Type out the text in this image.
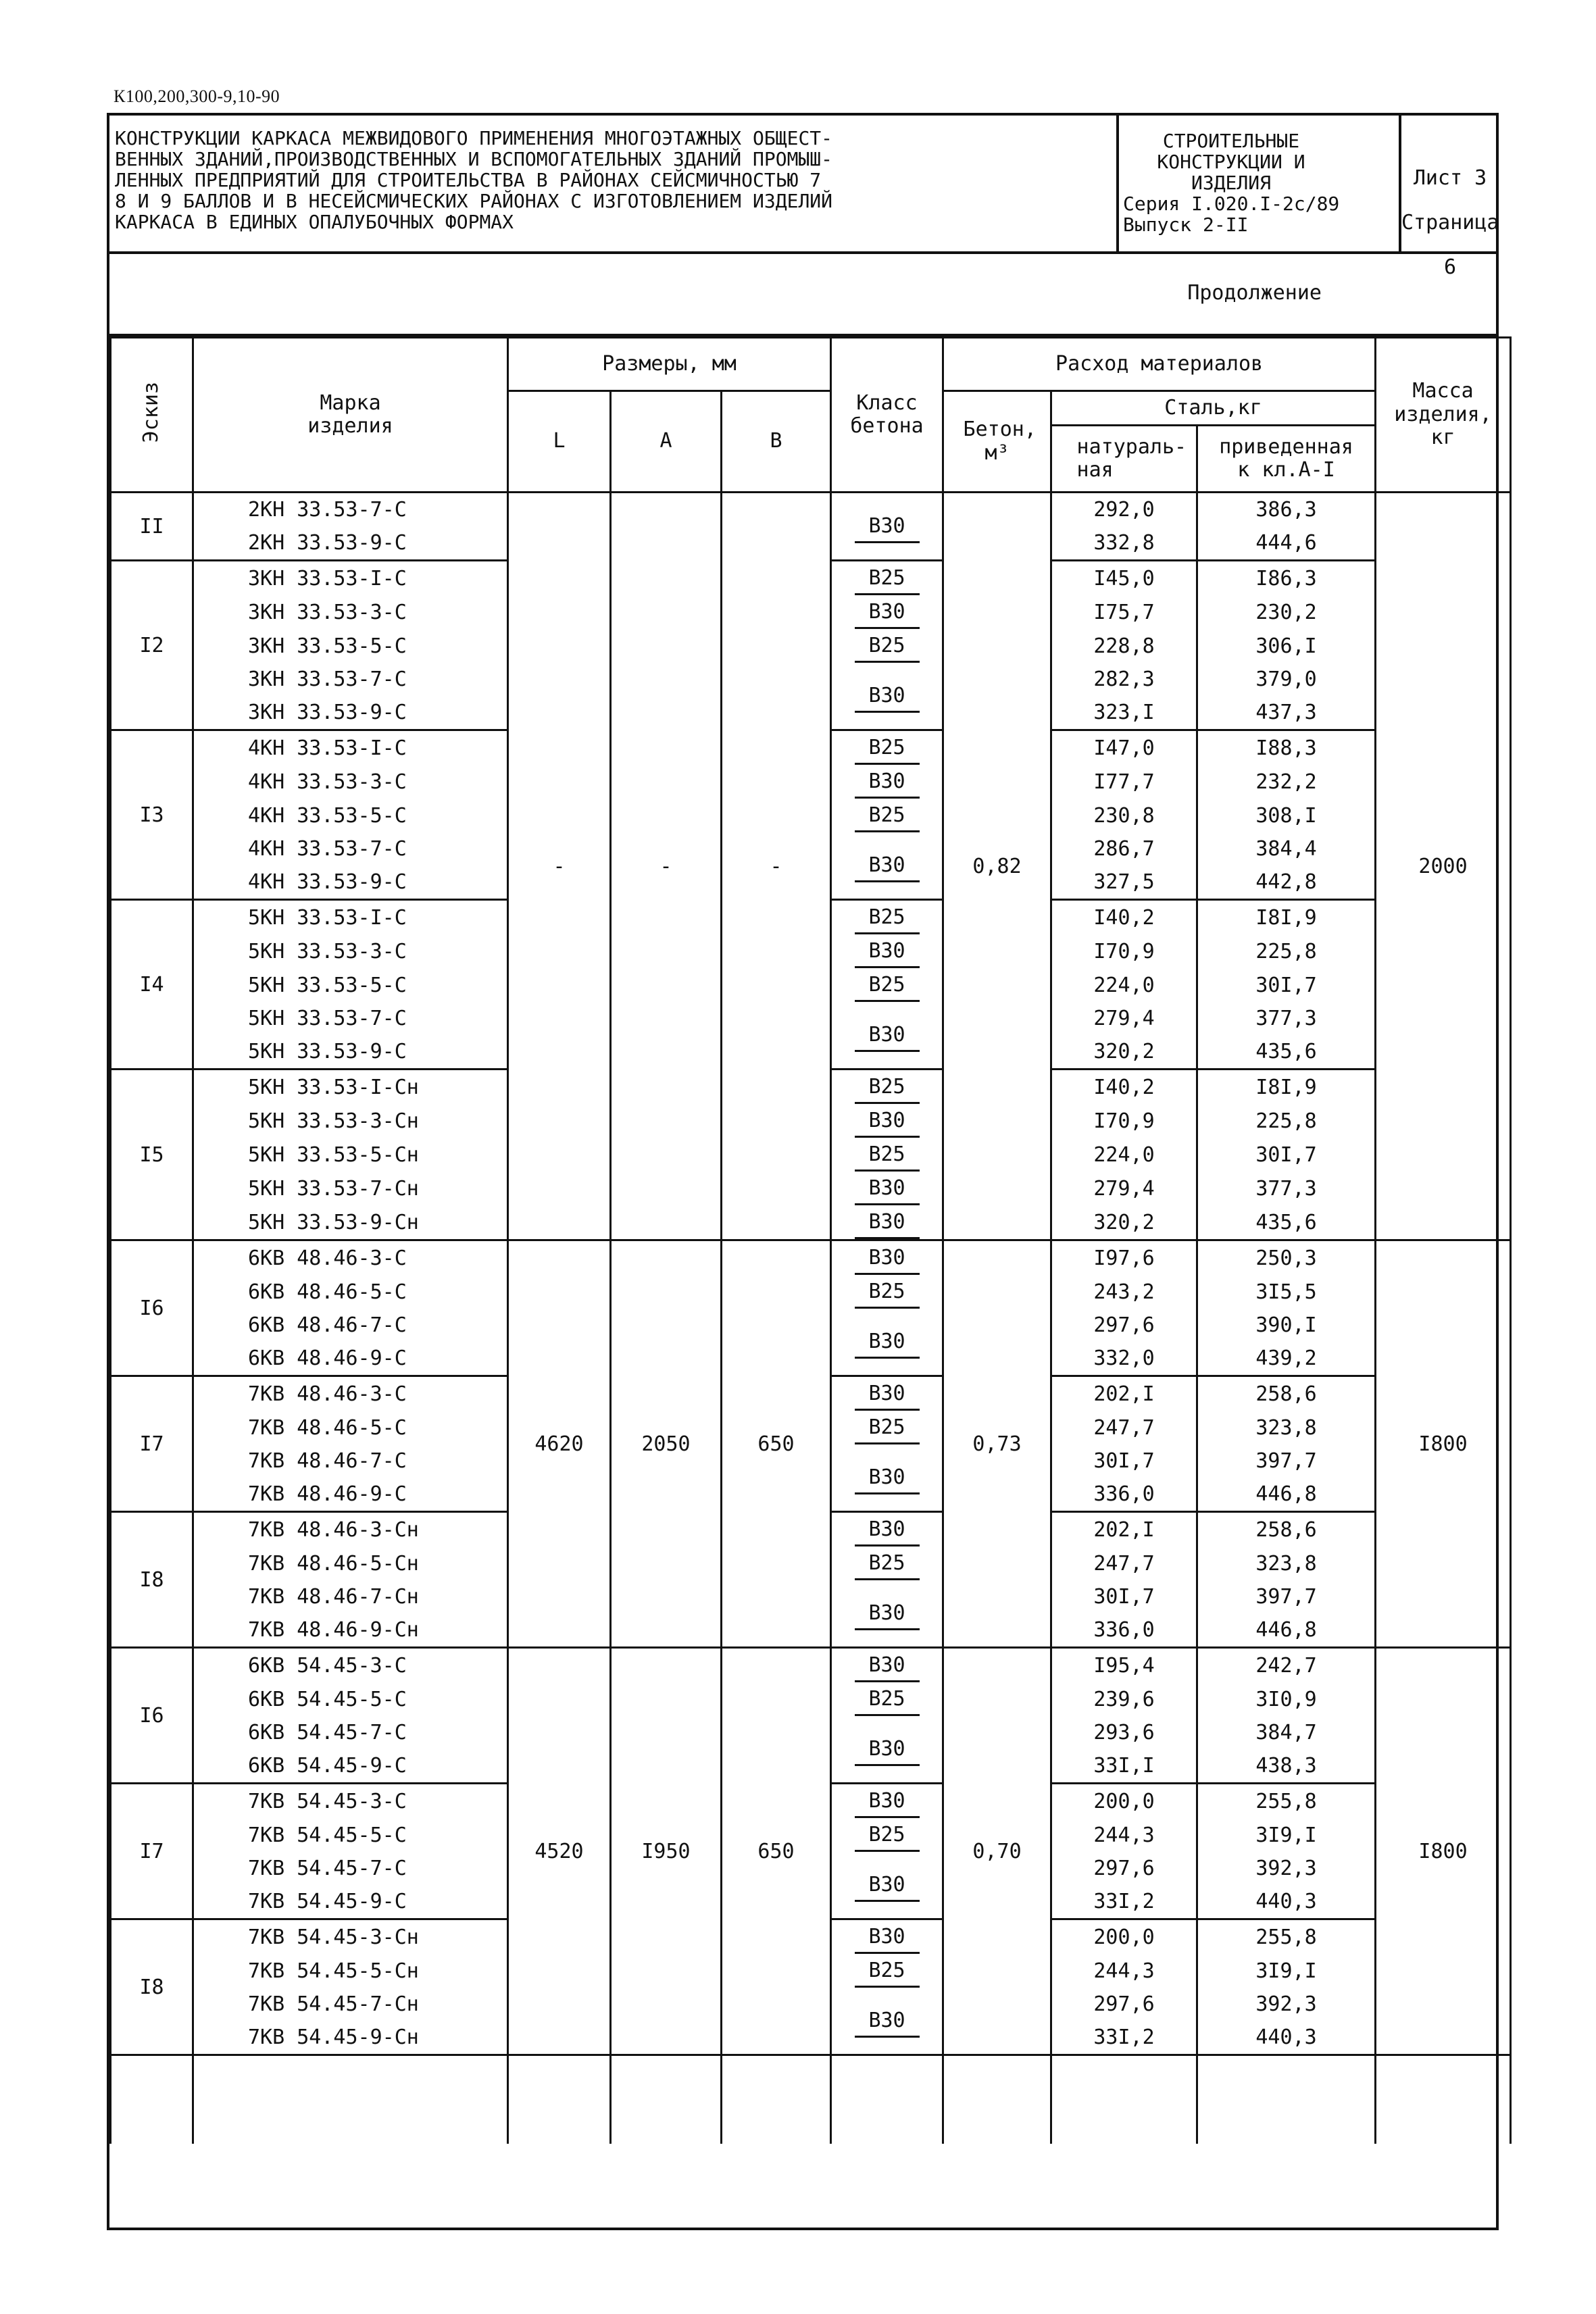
К100,200,300-9,10-90
КОНСТРУКЦИИ КАРКАСА МЕЖВИДОВОГО ПРИМЕНЕНИЯ МНОГОЭТАЖНЫХ ОБЩЕСТ-
ВЕННЫХ ЗДАНИЙ,ПРОИЗВОДСТВЕННЫХ И ВСПОМОГАТЕЛЬНЫХ ЗДАНИЙ ПРОМЫШ-
ЛЕННЫХ ПРЕДПРИЯТИЙ ДЛЯ СТРОИТЕЛЬСТВА В РАЙОНАХ СЕЙСМИЧНОСТЬЮ 7
8 И 9 БАЛЛОВ И В НЕСЕЙСМИЧЕСКИХ РАЙОНАХ С ИЗГОТОВЛЕНИЕМ ИЗДЕЛИЙ
КАРКАСА В ЕДИНЫХ ОПАЛУБОЧНЫХ ФОРМАХ
СТРОИТЕЛЬНЫЕ
КОНСТРУКЦИИ И
ИЗДЕЛИЯ
Серия I.020.I-2с/89
Выпуск 2-II
Лист 3
Страница 6
Продолжение
Эскиз	Марка изделия	Размеры, мм			Класс бетона	Расход материалов			Масса изделия, кг

		L	A	B		Бетон, м³	Сталь,кг		

							натураль- ная	приведенная к кл.А-I	

II	2КН 33.53-7-С	-	-	-	В30	0,82	292,0	386,3	2000
	2КН 33.53-9-С						332,8	444,6	
I2	3КН 33.53-I-С				В25		I45,0	I86,3	
	3КН 33.53-3-С				В30		I75,7	230,2	
	3КН 33.53-5-С				В25		228,8	306,I	
	3КН 33.53-7-С				В30		282,3	379,0	
	3КН 33.53-9-С						323,I	437,3	
I3	4КН 33.53-I-С				В25		I47,0	I88,3	
	4КН 33.53-3-С				В30		I77,7	232,2	
	4КН 33.53-5-С				В25		230,8	308,I	
	4КН 33.53-7-С				В30		286,7	384,4	
	4КН 33.53-9-С						327,5	442,8	
I4	5КН 33.53-I-С				В25		I40,2	I8I,9	
	5КН 33.53-3-С				В30		I70,9	225,8	
	5КН 33.53-5-С				В25		224,0	30I,7	
	5КН 33.53-7-С				В30		279,4	377,3	
	5КН 33.53-9-С						320,2	435,6	
I5	5КН 33.53-I-Сн				В25		I40,2	I8I,9	
	5КН 33.53-3-Сн				В30		I70,9	225,8	
	5КН 33.53-5-Сн				В25		224,0	30I,7	
	5КН 33.53-7-Сн				В30		279,4	377,3	
	5КН 33.53-9-Сн				В30		320,2	435,6	
I6	6КВ 48.46-3-С	4620	2050	650	В30	0,73	I97,6	250,3	I800
	6КВ 48.46-5-С				В25		243,2	3I5,5	
	6КВ 48.46-7-С				В30		297,6	390,I	
	6КВ 48.46-9-С						332,0	439,2	
I7	7КВ 48.46-3-С				В30		202,I	258,6	
	7КВ 48.46-5-С				В25		247,7	323,8	
	7КВ 48.46-7-С				В30		30I,7	397,7	
	7КВ 48.46-9-С						336,0	446,8	
I8	7КВ 48.46-3-Сн				В30		202,I	258,6	
	7КВ 48.46-5-Сн				В25		247,7	323,8	
	7КВ 48.46-7-Сн				В30		30I,7	397,7	
	7КВ 48.46-9-Сн						336,0	446,8	
I6	6КВ 54.45-3-С	4520	I950	650	В30	0,70	I95,4	242,7	I800
	6КВ 54.45-5-С				В25		239,6	3I0,9	
	6КВ 54.45-7-С				В30		293,6	384,7	
	6КВ 54.45-9-С						33I,I	438,3	
I7	7КВ 54.45-3-С				В30		200,0	255,8	
	7КВ 54.45-5-С				В25		244,3	3I9,I	
	7КВ 54.45-7-С				В30		297,6	392,3	
	7КВ 54.45-9-С						33I,2	440,3	
I8	7КВ 54.45-3-Сн				В30		200,0	255,8	
	7КВ 54.45-5-Сн				В25		244,3	3I9,I	
	7КВ 54.45-7-Сн				В30		297,6	392,3	
	7КВ 54.45-9-Сн						33I,2	440,3	
